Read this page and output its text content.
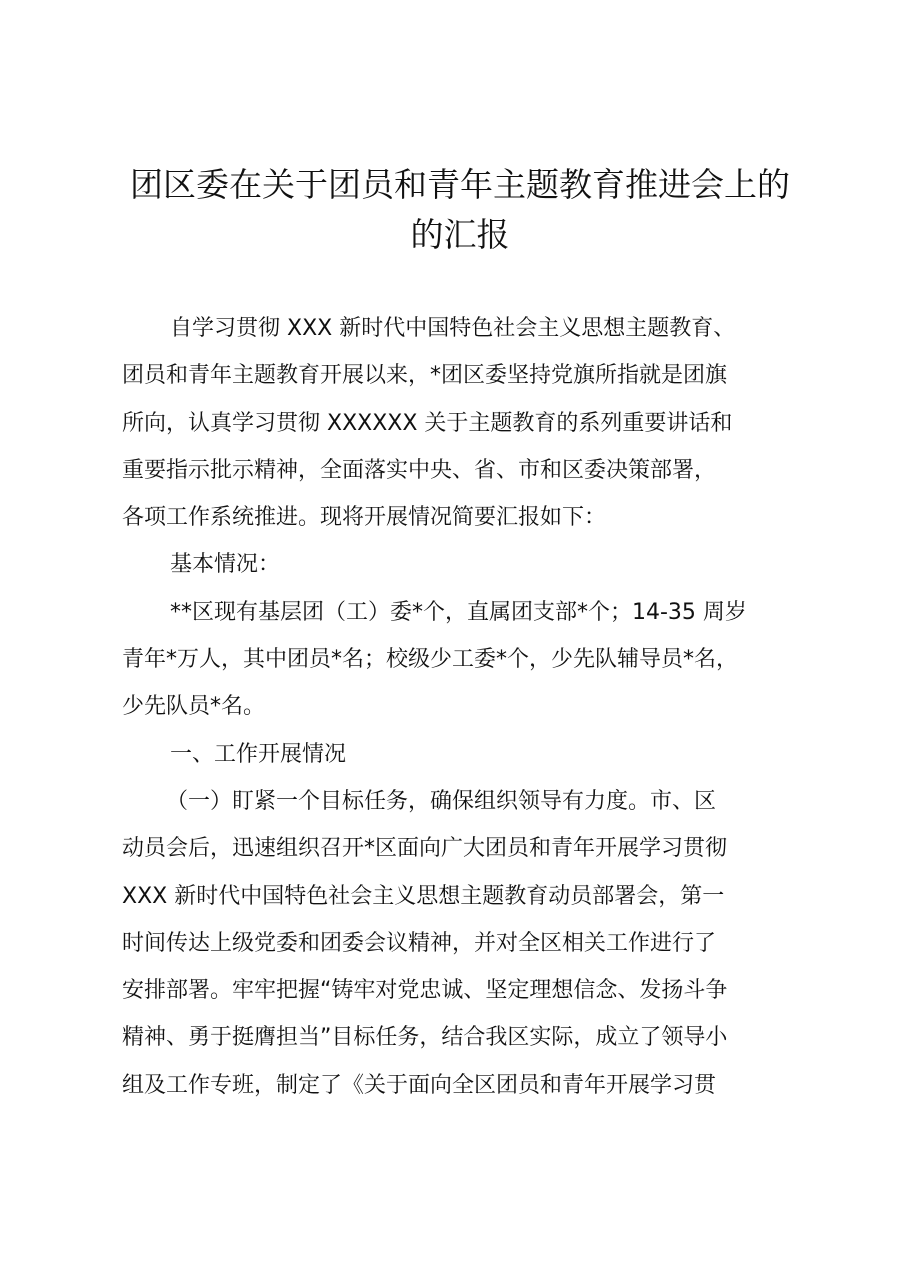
团区委在关于团员和青年主题教育推进会上的
的汇报
自学习贯彻 XXX 新时代中国特色社会主义思想主题教育、
团员和青年主题教育开展以来，*团区委坚持党旗所指就是团旗
所向，认真学习贯彻 XXXXXX 关于主题教育的系列重要讲话和
重要指示批示精神，全面落实中央、省、市和区委决策部署，
各项工作系统推进。现将开展情况简要汇报如下：
基本情况：
**区现有基层团（工）委*个，直属团支部*个；14-35 周岁
青年*万人，其中团员*名；校级少工委*个，少先队辅导员*名，
少先队员*名。
一、工作开展情况
（一）盯紧一个目标任务，确保组织领导有力度。市、区
动员会后，迅速组织召开*区面向广大团员和青年开展学习贯彻
XXX 新时代中国特色社会主义思想主题教育动员部署会，第一
时间传达上级党委和团委会议精神，并对全区相关工作进行了
安排部署。牢牢把握“铸牢对党忠诚、坚定理想信念、发扬斗争
精神、勇于挺膺担当”目标任务，结合我区实际，成立了领导小
组及工作专班，制定了《关于面向全区团员和青年开展学习贯
